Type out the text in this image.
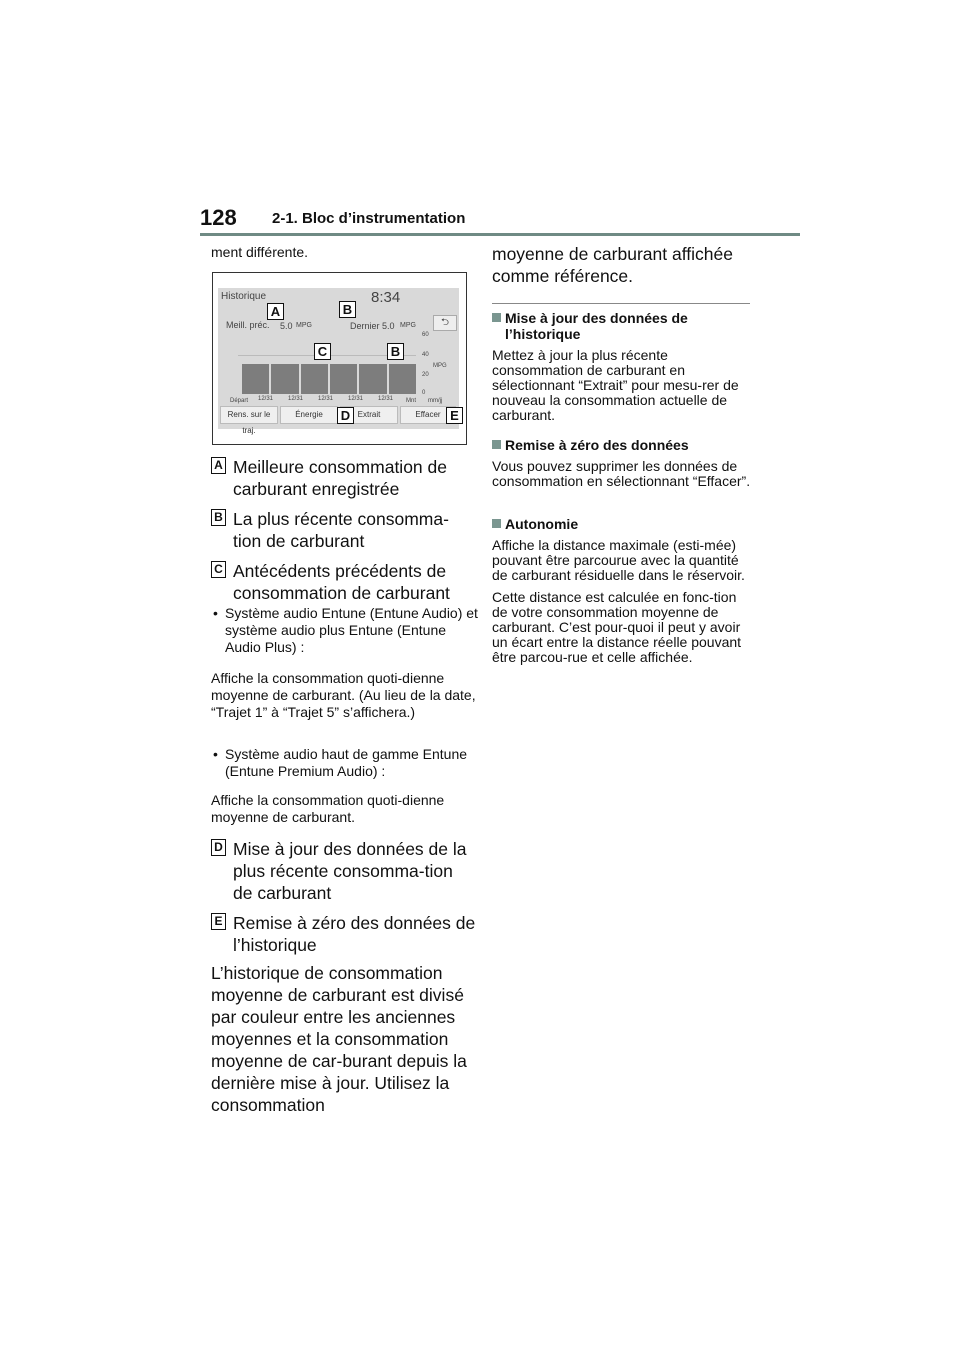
128 2-1. Bloc d’instrumentation
ment différente.
Historique	8:34
Meill. préc. 5.0 MPG	Dernier 5.0 MPG	⮌
60
40
20
0
MPG
Départ 12/31 12/31 12/31 12/31 12/31 Mnt mm/jj
Rens. sur le traj.
Énergie	Extrait	Effacer
A	B
C	B
D	E
A Meilleure consommation de carburant enregistrée
B La plus récente consomma-tion de carburant
C Antécédents précédents de consommation de carburant
• Système audio Entune (Entune Audio) et système audio plus Entune (Entune Audio Plus) :
Affiche la consommation quoti-dienne moyenne de carburant. (Au lieu de la date, “Trajet 1” à “Trajet 5” s’affichera.)
• Système audio haut de gamme Entune (Entune Premium Audio) :
Affiche la consommation quoti-dienne moyenne de carburant.
D Mise à jour des données de la plus récente consomma-tion de carburant
E Remise à zéro des données de l’historique
L’historique de consommation moyenne de carburant est divisé par couleur entre les anciennes moyennes et la consommation moyenne de car-burant depuis la dernière mise à jour. Utilisez la consommation
moyenne de carburant affichée comme référence.
Mise à jour des données de l’historique
Mettez à jour la plus récente consommation de carburant en sélectionnant “Extrait” pour mesu-rer de nouveau la consommation actuelle de carburant.
Remise à zéro des données
Vous pouvez supprimer les données de consommation en sélectionnant “Effacer”.
Autonomie
Affiche la distance maximale (esti-mée) pouvant être parcourue avec la quantité de carburant résiduelle dans le réservoir.
Cette distance est calculée en fonc-tion de votre consommation moyenne de carburant. C’est pour-quoi il peut y avoir un écart entre la distance réelle pouvant être parcou-rue et celle affichée.
